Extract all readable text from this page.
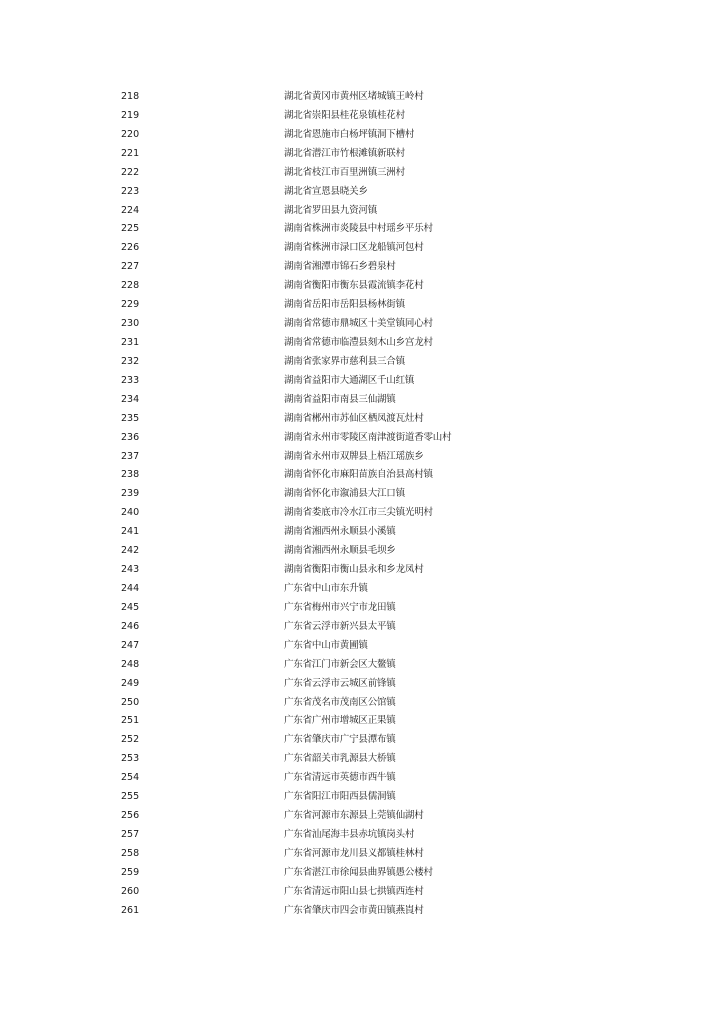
218	湖北省黄冈市黄州区堵城镇王岭村
219	湖北省崇阳县桂花泉镇桂花村
220	湖北省恩施市白杨坪镇洞下槽村
221	湖北省潜江市竹根滩镇新联村
222	湖北省枝江市百里洲镇三洲村
223	湖北省宣恩县晓关乡
224	湖北省罗田县九资河镇
225	湖南省株洲市炎陵县中村瑶乡平乐村
226	湖南省株洲市渌口区龙船镇河包村
227	湖南省湘潭市锦石乡碧泉村
228	湖南省衡阳市衡东县霞流镇李花村
229	湖南省岳阳市岳阳县杨林街镇
230	湖南省常德市鼎城区十美堂镇同心村
231	湖南省常德市临澧县刻木山乡宫龙村
232	湖南省张家界市慈利县三合镇
233	湖南省益阳市大通湖区千山红镇
234	湖南省益阳市南县三仙湖镇
235	湖南省郴州市苏仙区栖凤渡瓦灶村
236	湖南省永州市零陵区南津渡街道香零山村
237	湖南省永州市双牌县上梧江瑶族乡
238	湖南省怀化市麻阳苗族自治县高村镇
239	湖南省怀化市溆浦县大江口镇
240	湖南省娄底市冷水江市三尖镇光明村
241	湖南省湘西州永顺县小溪镇
242	湖南省湘西州永顺县毛坝乡
243	湖南省衡阳市衡山县永和乡龙凤村
244	广东省中山市东升镇
245	广东省梅州市兴宁市龙田镇
246	广东省云浮市新兴县太平镇
247	广东省中山市黄圃镇
248	广东省江门市新会区大鳌镇
249	广东省云浮市云城区前锋镇
250	广东省茂名市茂南区公馆镇
251	广东省广州市增城区正果镇
252	广东省肇庆市广宁县潭布镇
253	广东省韶关市乳源县大桥镇
254	广东省清远市英德市西牛镇
255	广东省阳江市阳西县儒洞镇
256	广东省河源市东源县上莞镇仙湖村
257	广东省汕尾海丰县赤坑镇岗头村
258	广东省河源市龙川县义都镇桂林村
259	广东省湛江市徐闻县曲界镇愚公楼村
260	广东省清远市阳山县七拱镇西连村
261	广东省肇庆市四会市黄田镇燕崀村
